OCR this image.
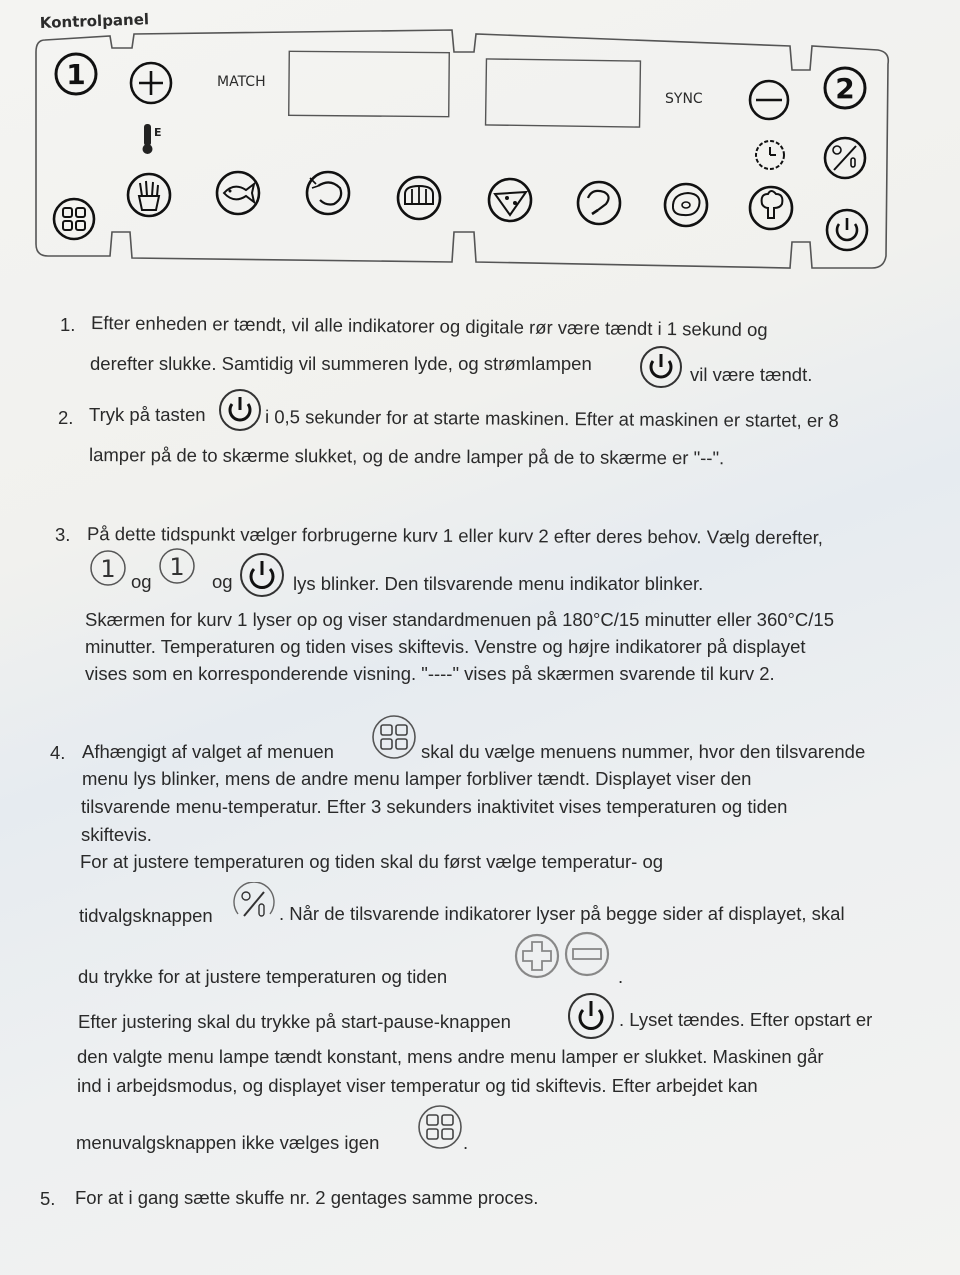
Kontrolpanel
MATCH
SYNC
1
E
2
1. Efter enheden er tændt, vil alle indikatorer og digitale rør være tændt i 1 sekund og
derefter slukke. Samtidig vil summeren lyde, og strømlampen
vil være tændt.
2. Tryk på tasten	i 0,5 sekunder for at starte maskinen. Efter at maskinen er startet, er 8
lamper på de to skærme slukket, og de andre lamper på de to skærme er "--".
3. På dette tidspunkt vælger forbrugerne kurv 1 eller kurv 2 efter deres behov. Vælg derefter,
1 og
1
og	lys blinker. Den tilsvarende menu indikator blinker.
Skærmen for kurv 1 lyser op og viser standardmenuen på 180°C/15 minutter eller 360°C/15
minutter. Temperaturen og tiden vises skiftevis. Venstre og højre indikatorer på displayet
vises som en korresponderende visning. "----" vises på skærmen svarende til kurv 2.
4. Afhængigt af valget af menuen	skal du vælge menuens nummer, hvor den tilsvarende
menu lys blinker, mens de andre menu lamper forbliver tændt. Displayet viser den
tilsvarende menu-temperatur. Efter 3 sekunders inaktivitet vises temperaturen og tiden
skiftevis.
For at justere temperaturen og tiden skal du først vælge temperatur- og
tidvalgsknappen	. Når de tilsvarende indikatorer lyser på begge sider af displayet, skal
du trykke for at justere temperaturen og tiden	.
Efter justering skal du trykke på start-pause-knappen	. Lyset tændes. Efter opstart er
den valgte menu lampe tændt konstant, mens andre menu lamper er slukket. Maskinen går
ind i arbejdsmodus, og displayet viser temperatur og tid skiftevis. Efter arbejdet kan
menuvalgsknappen ikke vælges igen	.
5. For at i gang sætte skuffe nr. 2 gentages samme proces.
